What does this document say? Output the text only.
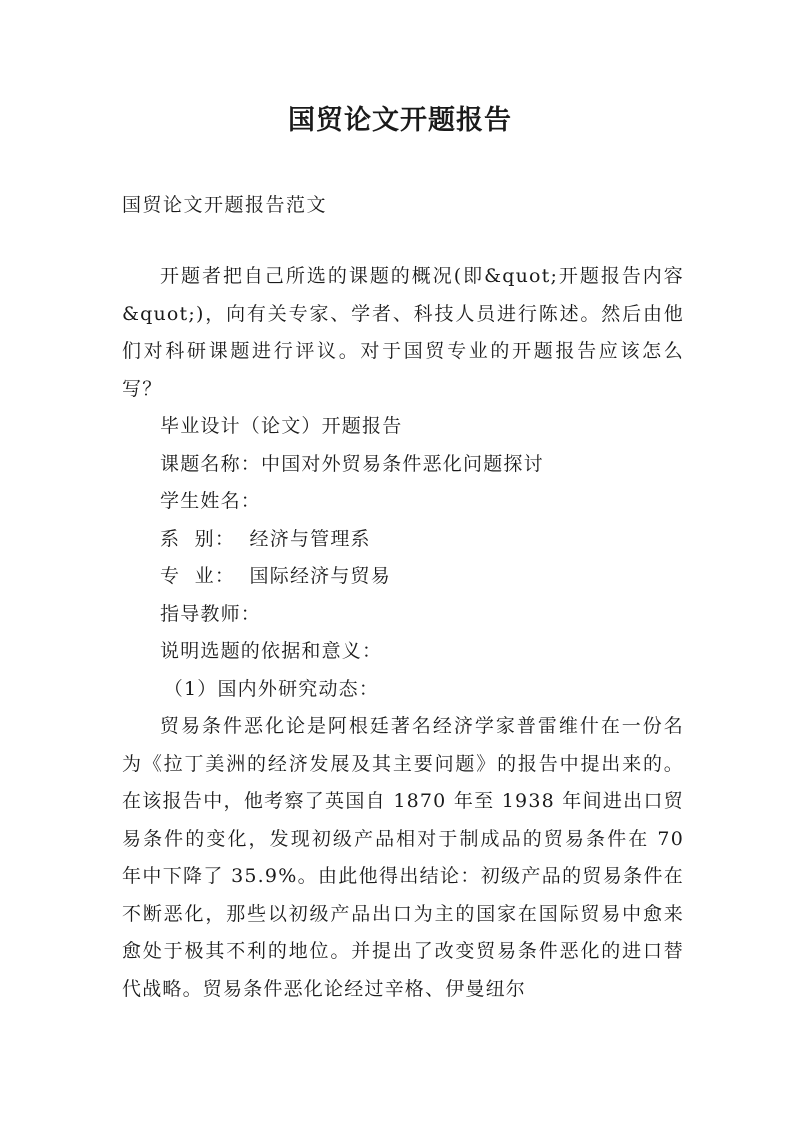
国贸论文开题报告

国贸论文开题报告范文

开题者把自己所选的课题的概况(即&quot;开题报告内容&quot;)，向有关专家、学者、科技人员进行陈述。然后由他们对科研课题进行评议。对于国贸专业的开题报告应该怎么写？

毕业设计（论文）开题报告

课题名称：中国对外贸易条件恶化问题探讨

学生姓名：

系  别：  经济与管理系

专  业：  国际经济与贸易

指导教师：

说明选题的依据和意义：

（1）国内外研究动态：

贸易条件恶化论是阿根廷著名经济学家普雷维什在一份名为《拉丁美洲的经济发展及其主要问题》的报告中提出来的。在该报告中，他考察了英国自 1870 年至 1938 年间进出口贸易条件的变化，发现初级产品相对于制成品的贸易条件在 70 年中下降了 35.9%。由此他得出结论：初级产品的贸易条件在不断恶化，那些以初级产品出口为主的国家在国际贸易中愈来愈处于极其不利的地位。并提出了改变贸易条件恶化的进口替代战略。贸易条件恶化论经过辛格、伊曼纽尔
